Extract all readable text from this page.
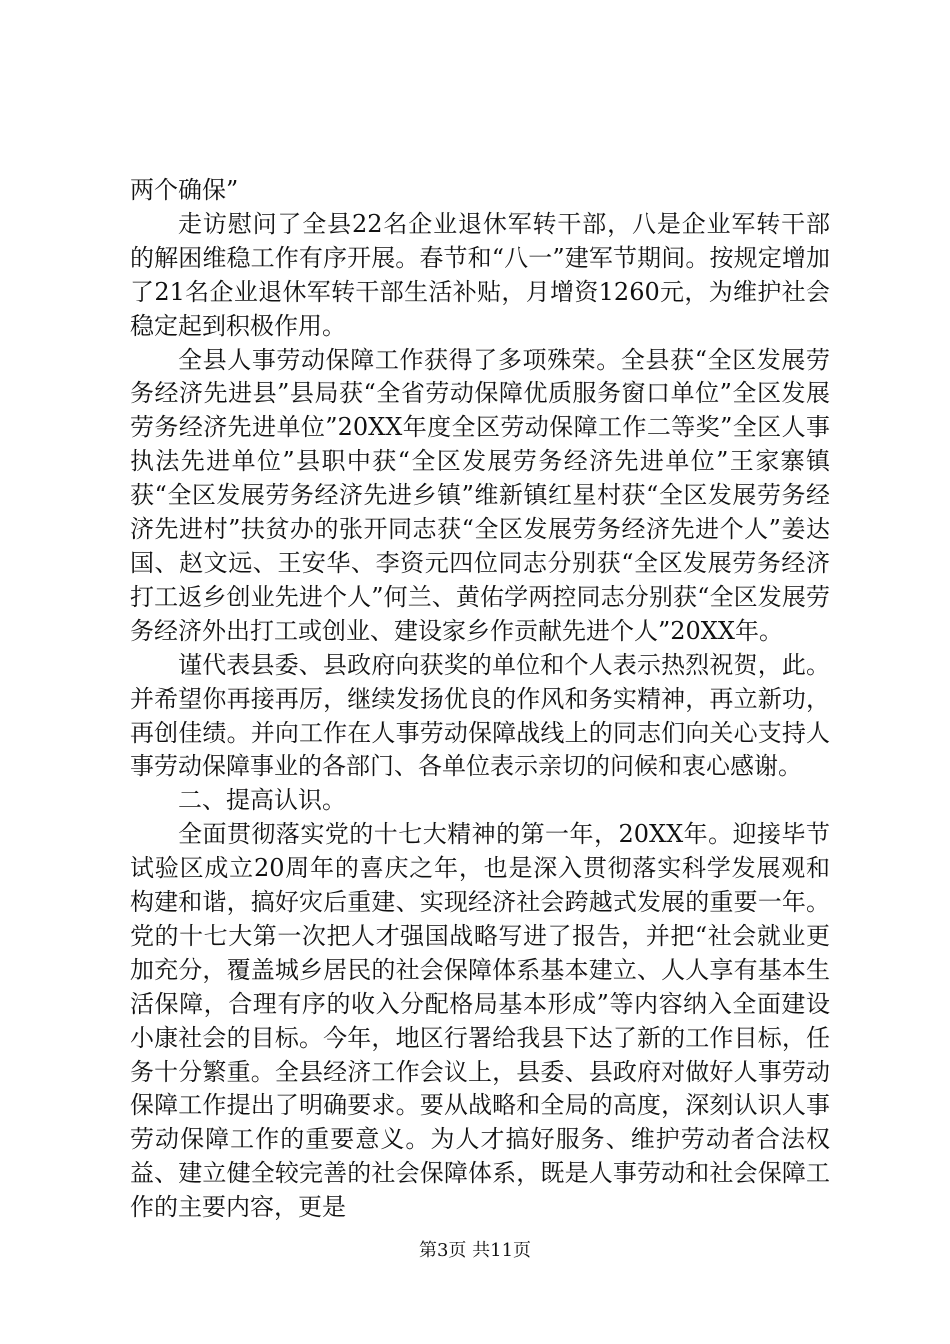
两个确保”

走访慰问了全县22名企业退休军转干部，八是企业军转干部的解困维稳工作有序开展。春节和“八一”建军节期间。按规定增加了21名企业退休军转干部生活补贴，月增资1260元，为维护社会稳定起到积极作用。

全县人事劳动保障工作获得了多项殊荣。全县获“全区发展劳务经济先进县”县局获“全省劳动保障优质服务窗口单位”全区发展劳务经济先进单位”20XX年度全区劳动保障工作二等奖”全区人事执法先进单位”县职中获“全区发展劳务经济先进单位”王家寨镇获“全区发展劳务经济先进乡镇”维新镇红星村获“全区发展劳务经济先进村”扶贫办的张开同志获“全区发展劳务经济先进个人”姜达国、赵文远、王安华、李资元四位同志分别获“全区发展劳务经济打工返乡创业先进个人”何兰、黄佑学两控同志分别获“全区发展劳务经济外出打工或创业、建设家乡作贡献先进个人”20XX年。

谨代表县委、县政府向获奖的单位和个人表示热烈祝贺，此。并希望你再接再厉，继续发扬优良的作风和务实精神，再立新功，再创佳绩。并向工作在人事劳动保障战线上的同志们向关心支持人事劳动保障事业的各部门、各单位表示亲切的问候和衷心感谢。

二、提高认识。

全面贯彻落实党的十七大精神的第一年，20XX年。迎接毕节试验区成立20周年的喜庆之年，也是深入贯彻落实科学发展观和构建和谐，搞好灾后重建、实现经济社会跨越式发展的重要一年。党的十七大第一次把人才强国战略写进了报告，并把“社会就业更加充分，覆盖城乡居民的社会保障体系基本建立、人人享有基本生活保障，合理有序的收入分配格局基本形成”等内容纳入全面建设小康社会的目标。今年，地区行署给我县下达了新的工作目标，任务十分繁重。全县经济工作会议上，县委、县政府对做好人事劳动保障工作提出了明确要求。要从战略和全局的高度，深刻认识人事劳动保障工作的重要意义。为人才搞好服务、维护劳动者合法权益、建立健全较完善的社会保障体系，既是人事劳动和社会保障工作的主要内容，更是

第3页 共11页
